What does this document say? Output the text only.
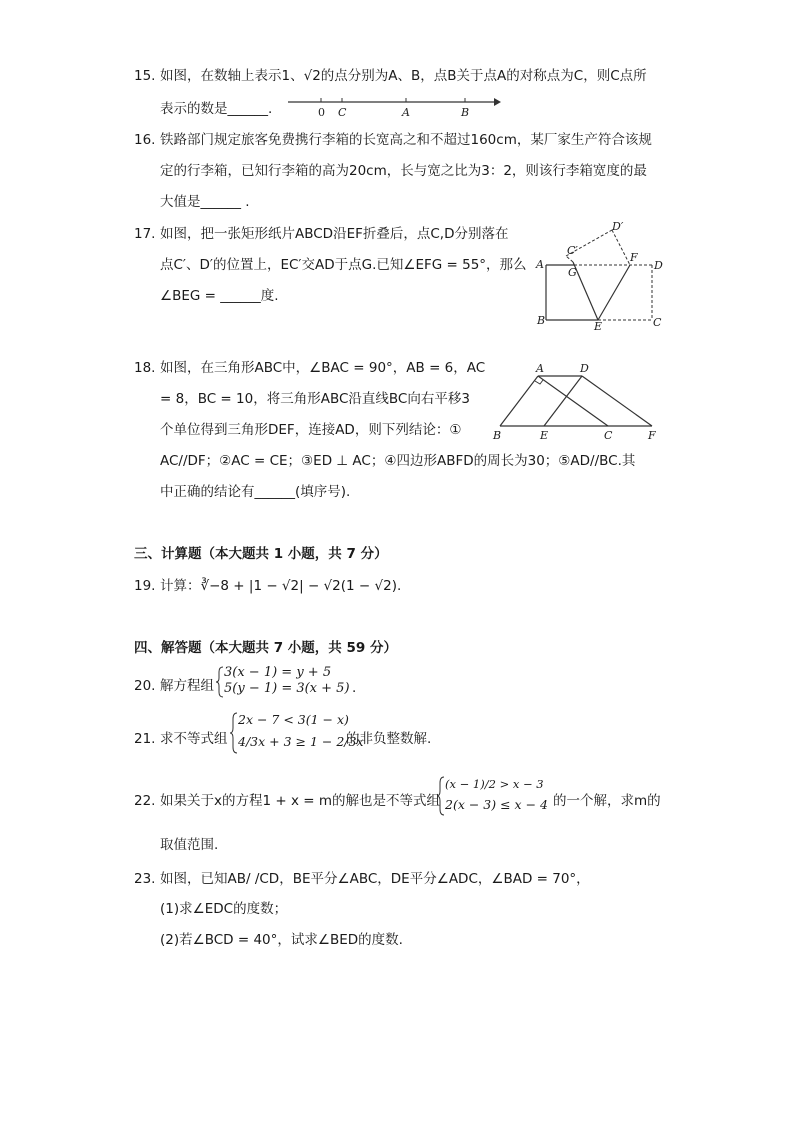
15. 如图，在数轴上表示1、√2的点分别为A、B，点B关于点A的对称点为C，则C点所
表示的数是______.	0 C	A	B
16. 铁路部门规定旅客免费携行李箱的长宽高之和不超过160cm，某厂家生产符合该规
定的行李箱，已知行李箱的高为20cm，长与宽之比为3：2，则该行李箱宽度的最
大值是______ .
17. 如图，把一张矩形纸片ABCD沿EF折叠后，点C,D分别落在
点C′、D′的位置上，EC′交AD于点G.已知∠EFG = 55°，那么
∠BEG = ______度.
A
B	C
D
E
F
G
C′
D′
18. 如图，在三角形ABC中，∠BAC = 90°，AB = 6，AC
= 8，BC = 10，将三角形ABC沿直线BC向右平移3
个单位得到三角形DEF，连接AD，则下列结论：①
AC//DF；②AC = CE；③ED ⊥ AC；④四边形ABFD的周长为30；⑤AD//BC.其
中正确的结论有______(填序号).
A	D
B	E	C	F
三、计算题（本大题共 1 小题，共 7 分）
19. 计算：∛−8 + |1 − √2| − √2(1 − √2).
四、解答题（本大题共 7 小题，共 59 分）
20. 解方程组
3(x − 1) = y + 5
5(y − 1) = 3(x + 5) .
21. 求不等式组
2x − 7 < 3(1 − x)
4/3x + 3 ≥ 1 − 2/3x
的非负整数解.
22. 如果关于x的方程1 + x = m的解也是不等式组
(x − 1)/2 > x − 3
2(x − 3) ≤ x − 4 的一个解，求m的
取值范围.
23. 如图，已知AB/ /CD，BE平分∠ABC，DE平分∠ADC，∠BAD = 70°，
(1)求∠EDC的度数；
(2)若∠BCD = 40°，试求∠BED的度数.
